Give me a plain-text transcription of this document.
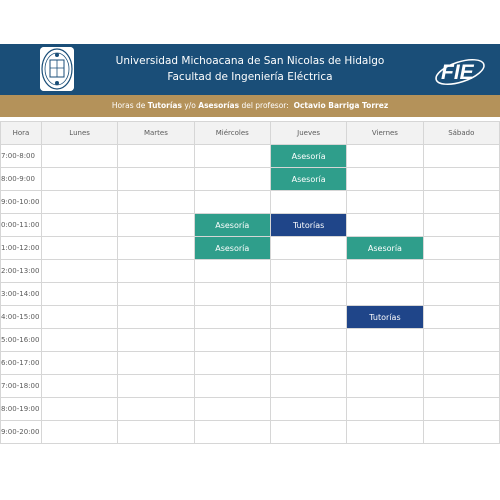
Universidad Michoacana de San Nicolas de Hidalgo
Facultad de Ingeniería Eléctrica	FIE
Horas de Tutorías y/o Asesorías del profesor: Octavio Barriga Torrez
Hora	Lunes	Martes	Miércoles	Jueves	Viernes	Sábado
7:00-8:00				Asesoría		

8:00-9:00				Asesoría		

9:00-10:00						
0:00-11:00			Asesoría	Tutorías		

1:00-12:00			Asesoría		Asesoría	

2:00-13:00						
3:00-14:00						
4:00-15:00					Tutorías	

5:00-16:00						
6:00-17:00						
7:00-18:00						
8:00-19:00						
9:00-20:00						
